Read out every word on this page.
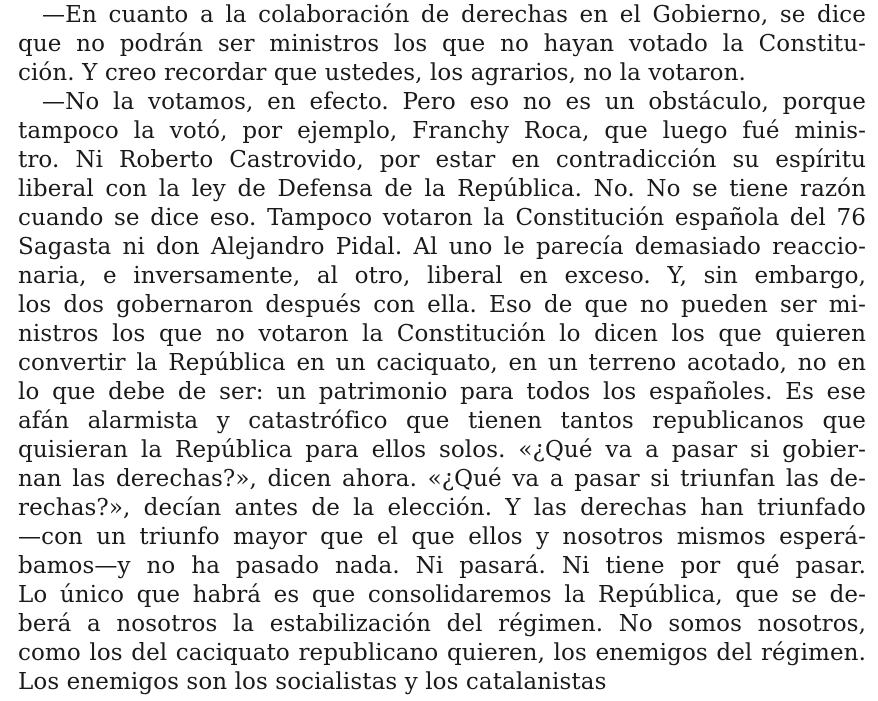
—En cuanto a la colaboración de derechas en el Gobierno, se dice
que no podrán ser ministros los que no hayan votado la Constitu-
ción. Y creo recordar que ustedes, los agrarios, no la votaron.
—No la votamos, en efecto. Pero eso no es un obstáculo, porque
tampoco la votó, por ejemplo, Franchy Roca, que luego fué minis-
tro. Ni Roberto Castrovido, por estar en contradicción su espíritu
liberal con la ley de Defensa de la República. No. No se tiene razón
cuando se dice eso. Tampoco votaron la Constitución española del 76
Sagasta ni don Alejandro Pidal. Al uno le parecía demasiado reaccio-
naria, e inversamente, al otro, liberal en exceso. Y, sin embargo,
los dos gobernaron después con ella. Eso de que no pueden ser mi-
nistros los que no votaron la Constitución lo dicen los que quieren
convertir la República en un caciquato, en un terreno acotado, no en
lo que debe de ser: un patrimonio para todos los españoles. Es ese
afán alarmista y catastrófico que tienen tantos republicanos que
quisieran la República para ellos solos. «¿Qué va a pasar si gobier-
nan las derechas?», dicen ahora. «¿Qué va a pasar si triunfan las de-
rechas?», decían antes de la elección. Y las derechas han triunfado
—con un triunfo mayor que el que ellos y nosotros mismos esperá-
bamos—y no ha pasado nada. Ni pasará. Ni tiene por qué pasar.
Lo único que habrá es que consolidaremos la República, que se de-
berá a nosotros la estabilización del régimen. No somos nosotros,
como los del caciquato republicano quieren, los enemigos del régimen.
Los enemigos son los socialistas y los catalanistas
